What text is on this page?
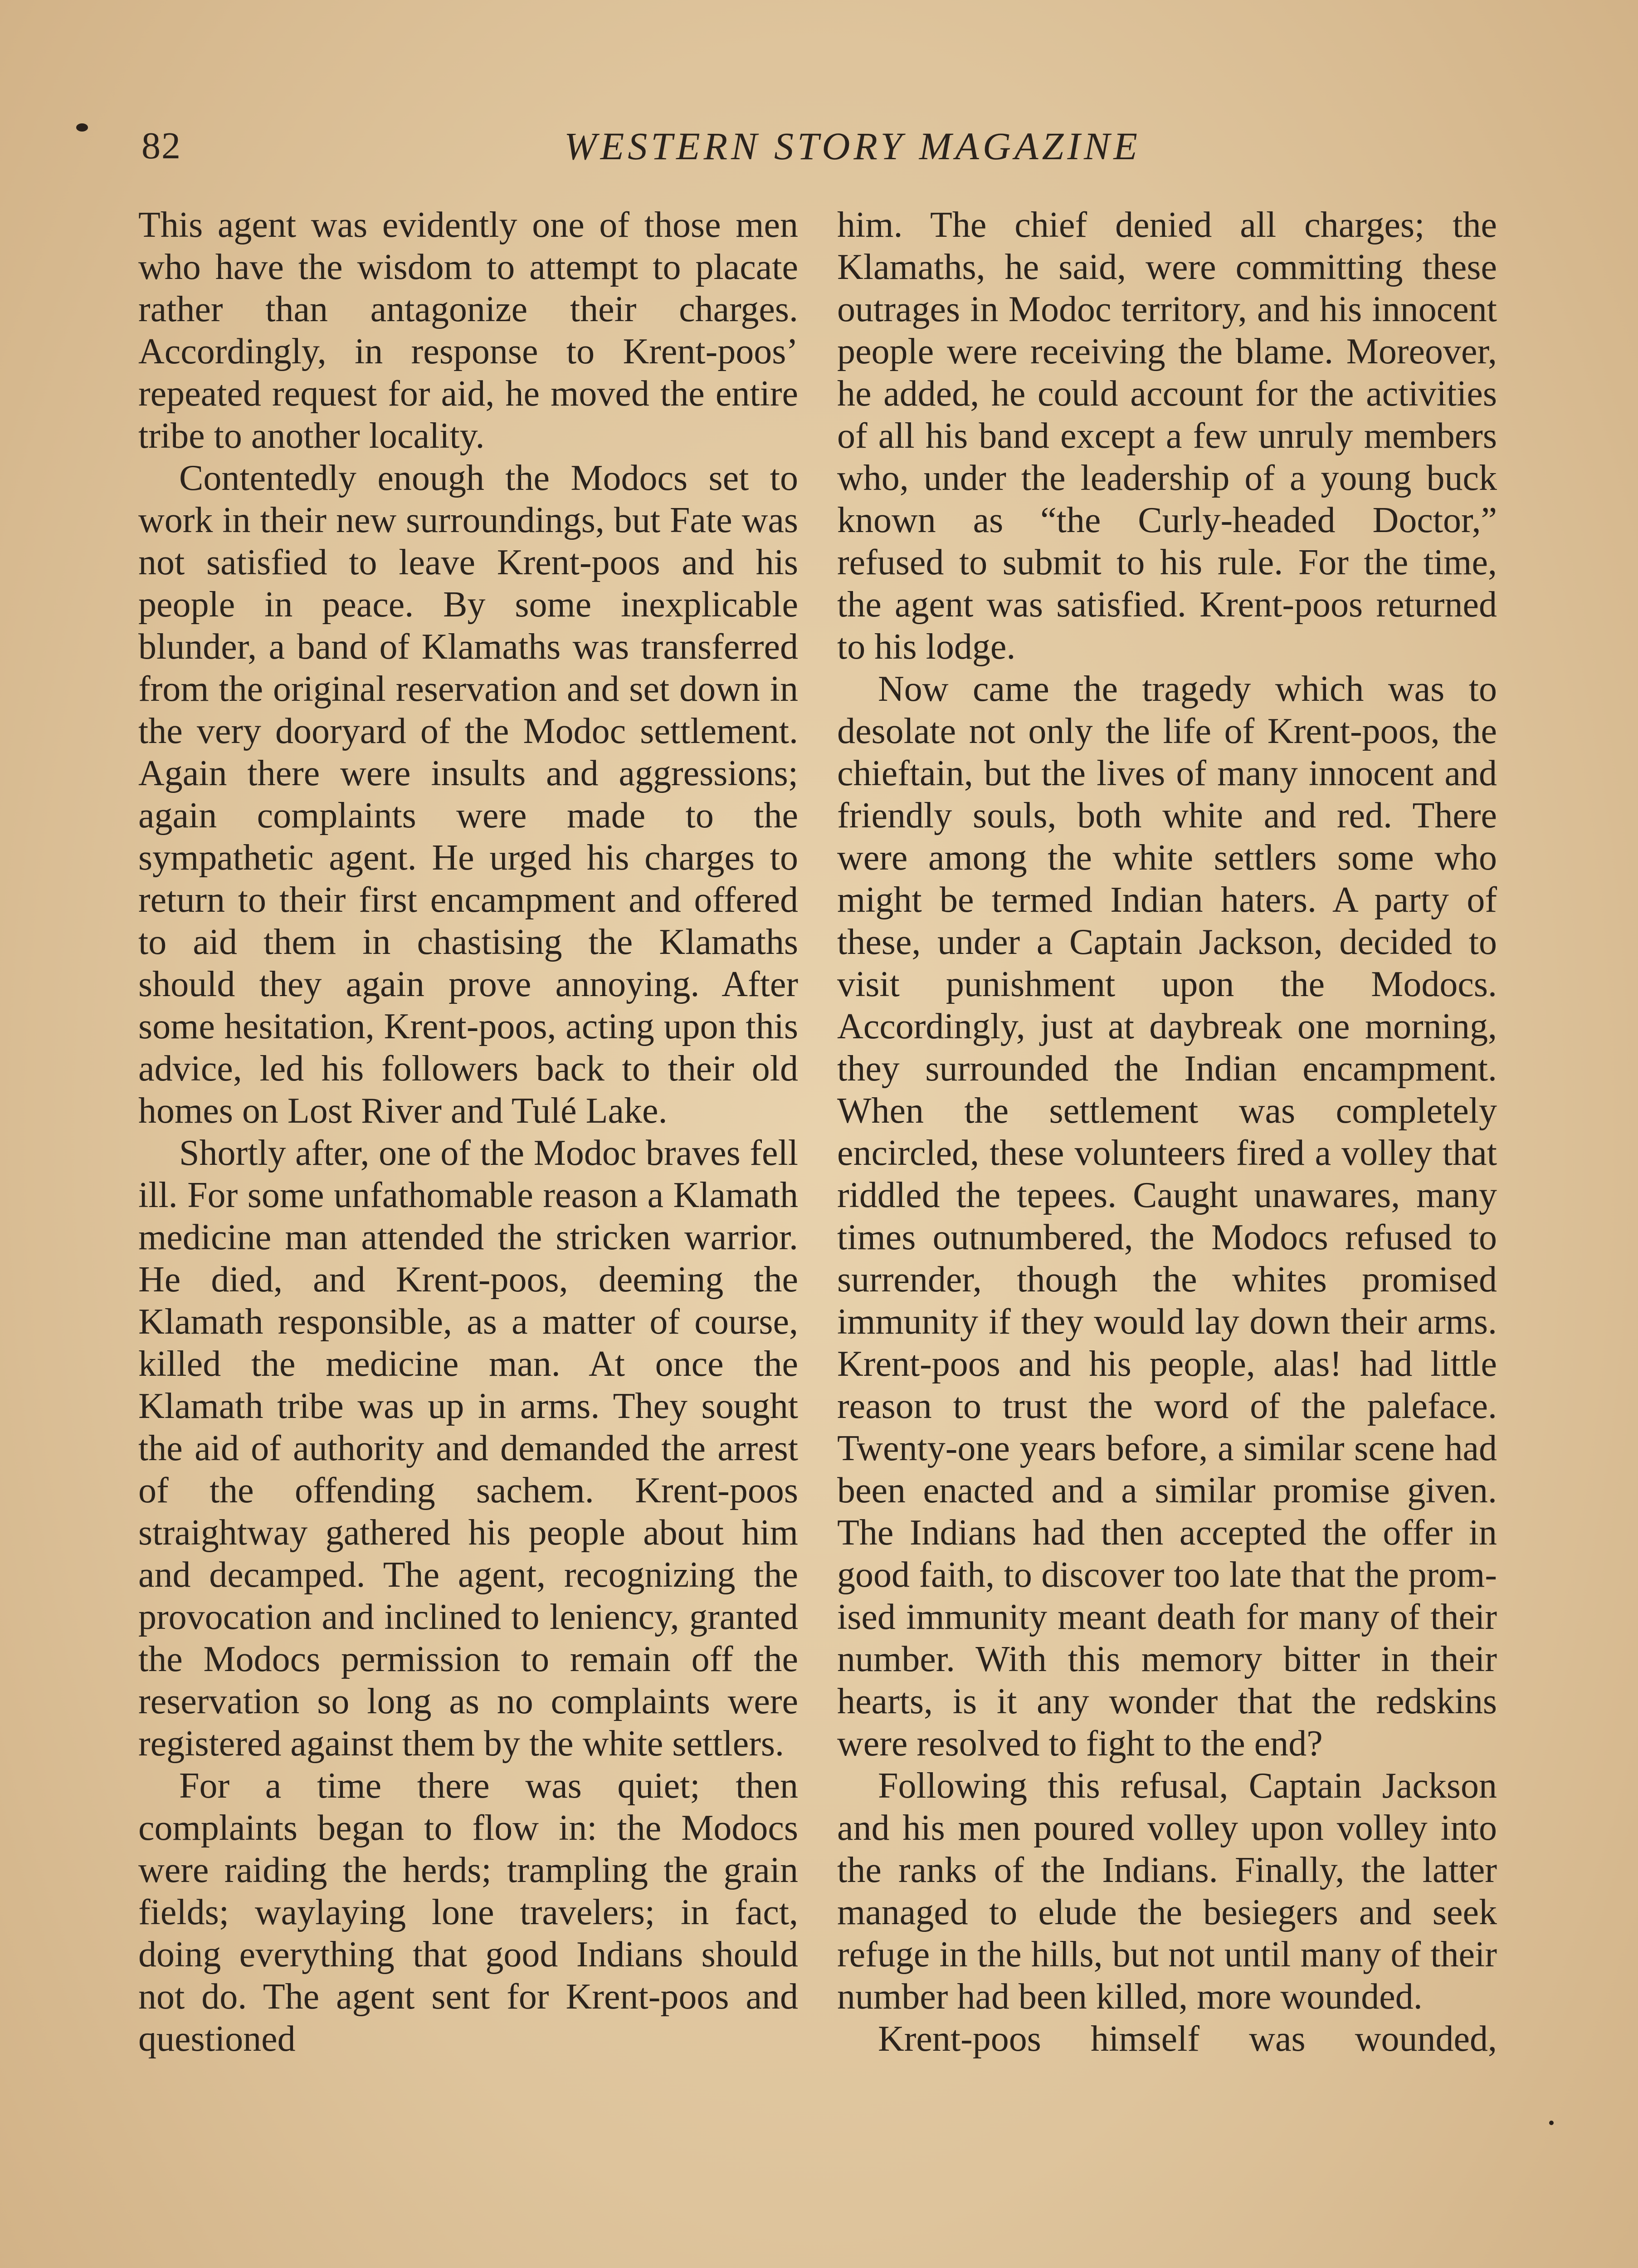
82	WESTERN STORY MAGAZINE

This agent was evidently one of those men who have the wisdom to attempt to placate rather than antagonize their charges. Accordingly, in response to Krent-poos’ repeated request for aid, he moved the entire tribe to another locality.

Contentedly enough the Modocs set to work in their new surroundings, but Fate was not satisfied to leave Krent-poos and his people in peace. By some inexplicable blunder, a band of Klamaths was transferred from the original reservation and set down in the very dooryard of the Modoc settlement. Again there were insults and aggressions; again complaints were made to the sympathetic agent. He urged his charges to return to their first encampment and offered to aid them in chastising the Klamaths should they again prove annoying. After some hesitation, Krent-poos, acting upon this advice, led his followers back to their old homes on Lost River and Tulé Lake.

Shortly after, one of the Modoc braves fell ill. For some unfathomable reason a Klamath medicine man attended the stricken warrior. He died, and Krent-poos, deeming the Klamath responsible, as a matter of course, killed the medicine man. At once the Klamath tribe was up in arms. They sought the aid of authority and demanded the arrest of the offending sachem. Krent-poos straightway gathered his people about him and decamped. The agent, recognizing the provocation and inclined to leniency, granted the Modocs permission to remain off the reservation so long as no complaints were registered against them by the white settlers.

For a time there was quiet; then complaints began to flow in: the Modocs were raiding the herds; trampling the grain fields; waylaying lone travelers; in fact, doing everything that good Indians should not do. The agent sent for Krent-poos and questioned

him. The chief denied all charges; the Klamaths, he said, were committing these outrages in Modoc territory, and his innocent people were receiving the blame. Moreover, he added, he could account for the activities of all his band except a few unruly members who, under the leadership of a young buck known as “the Curly-headed Doctor,” refused to submit to his rule. For the time, the agent was satisfied. Krent-poos returned to his lodge.

Now came the tragedy which was to desolate not only the life of Krent-poos, the chieftain, but the lives of many innocent and friendly souls, both white and red. There were among the white settlers some who might be termed Indian haters. A party of these, under a Captain Jackson, decided to visit punishment upon the Modocs. Accordingly, just at daybreak one morning, they surrounded the Indian encampment. When the settlement was completely encircled, these volunteers fired a volley that riddled the tepees. Caught unawares, many times outnumbered, the Modocs refused to surrender, though the whites promised immunity if they would lay down their arms. Krent-poos and his people, alas! had little reason to trust the word of the paleface. Twenty-one years before, a similar scene had been enacted and a similar promise given. The Indians had then accepted the offer in good faith, to discover too late that the promised immunity meant death for many of their number. With this memory bitter in their hearts, is it any wonder that the redskins were resolved to fight to the end?

Following this refusal, Captain Jackson and his men poured volley upon volley into the ranks of the Indians. Finally, the latter managed to elude the besiegers and seek refuge in the hills, but not until many of their number had been killed, more wounded.

Krent-poos himself was wounded,
